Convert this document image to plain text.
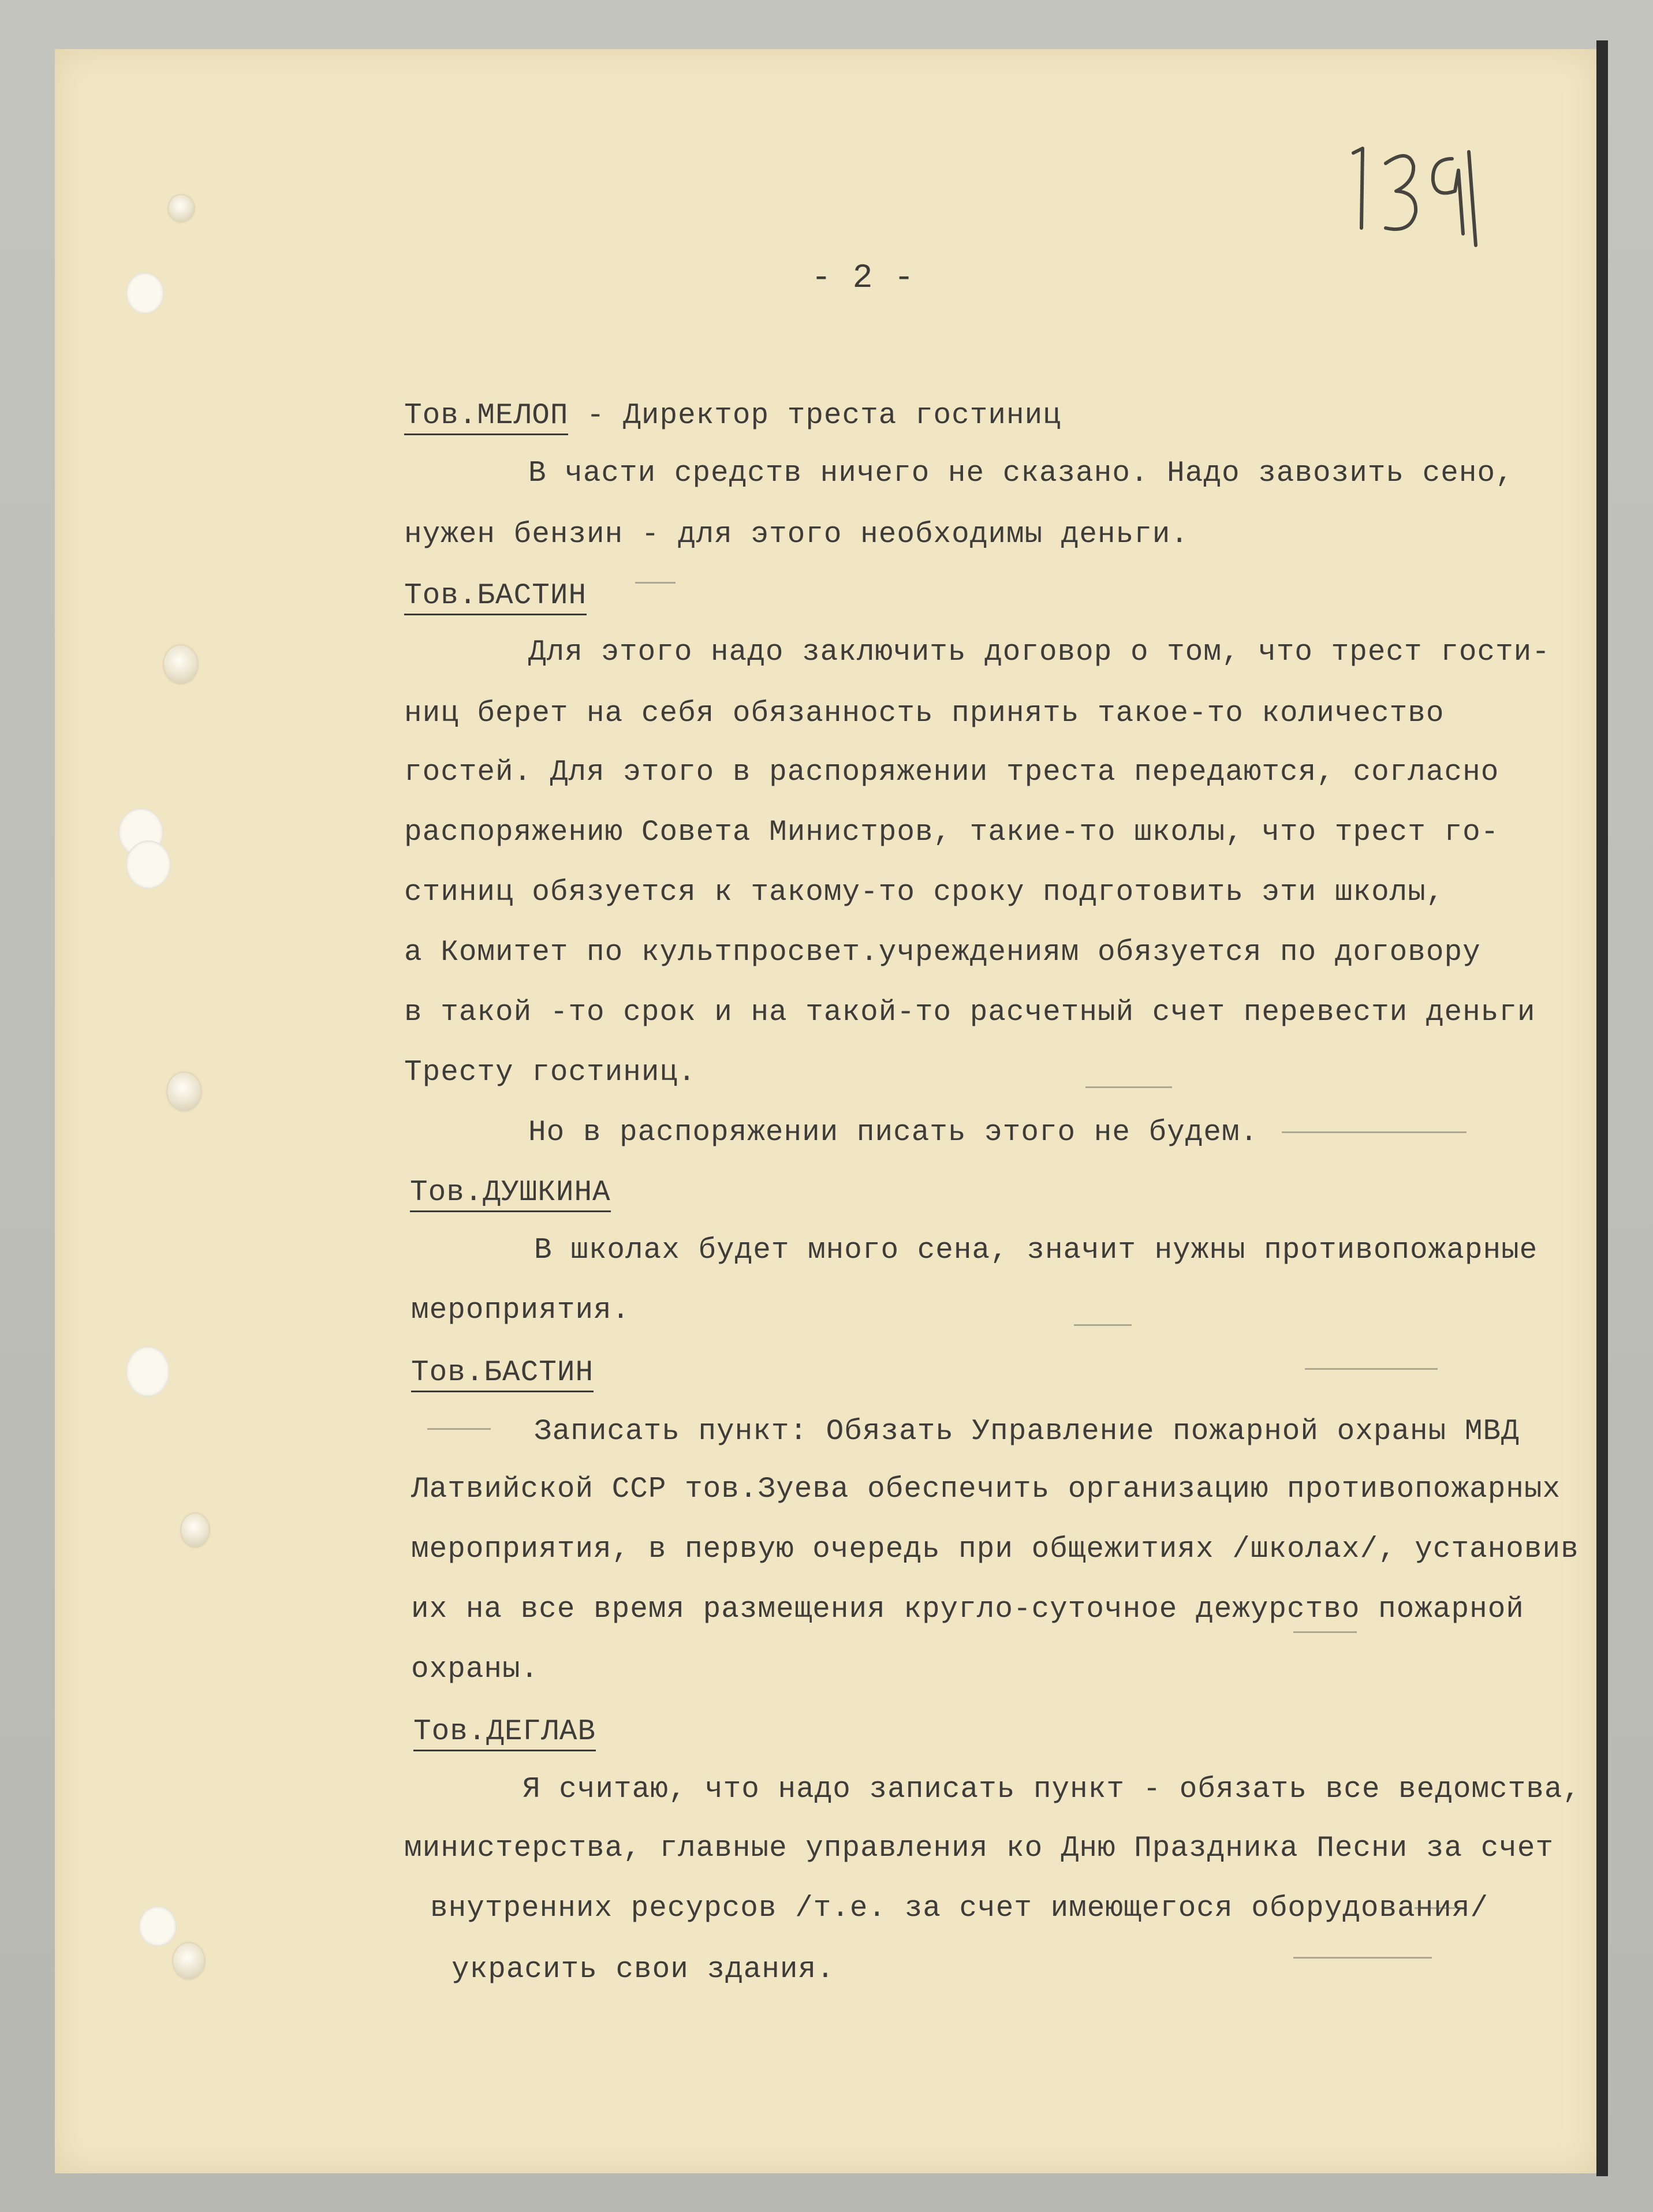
- 2 -
Тов.МЕЛОП - Директор треста гостиниц
В части средств ничего не сказано. Надо завозить сено,
нужен бензин - для этого необходимы деньги.
Тов.БАСТИН
Для этого надо заключить договор о том, что трест гости-
ниц берет на себя обязанность принять такое-то количество
гостей. Для этого в распоряжении треста передаются, согласно
распоряжению Совета Министров, такие-то школы, что трест го-
стиниц обязуется к такому-то сроку подготовить эти школы,
а Комитет по культпросвет.учреждениям обязуется по договору
в такой -то срок и на такой-то расчетный счет перевести деньги
Тресту гостиниц.
Но в распоряжении писать этого не будем.
Тов.ДУШКИНА
В школах будет много сена, значит нужны противопожарные
мероприятия.
Тов.БАСТИН
Записать пункт: Обязать Управление пожарной охраны МВД
Латвийской ССР тов.Зуева обеспечить организацию противопожарных
мероприятия, в первую очередь при общежитиях /школах/, установив
их на все время размещения кругло-суточное дежурство пожарной
охраны.
Тов.ДЕГЛАВ
Я считаю, что надо записать пункт - обязать все ведомства,
министерства, главные управления ко Дню Праздника Песни за счет
внутренних ресурсов /т.е. за счет имеющегося оборудования/
украсить свои здания.
